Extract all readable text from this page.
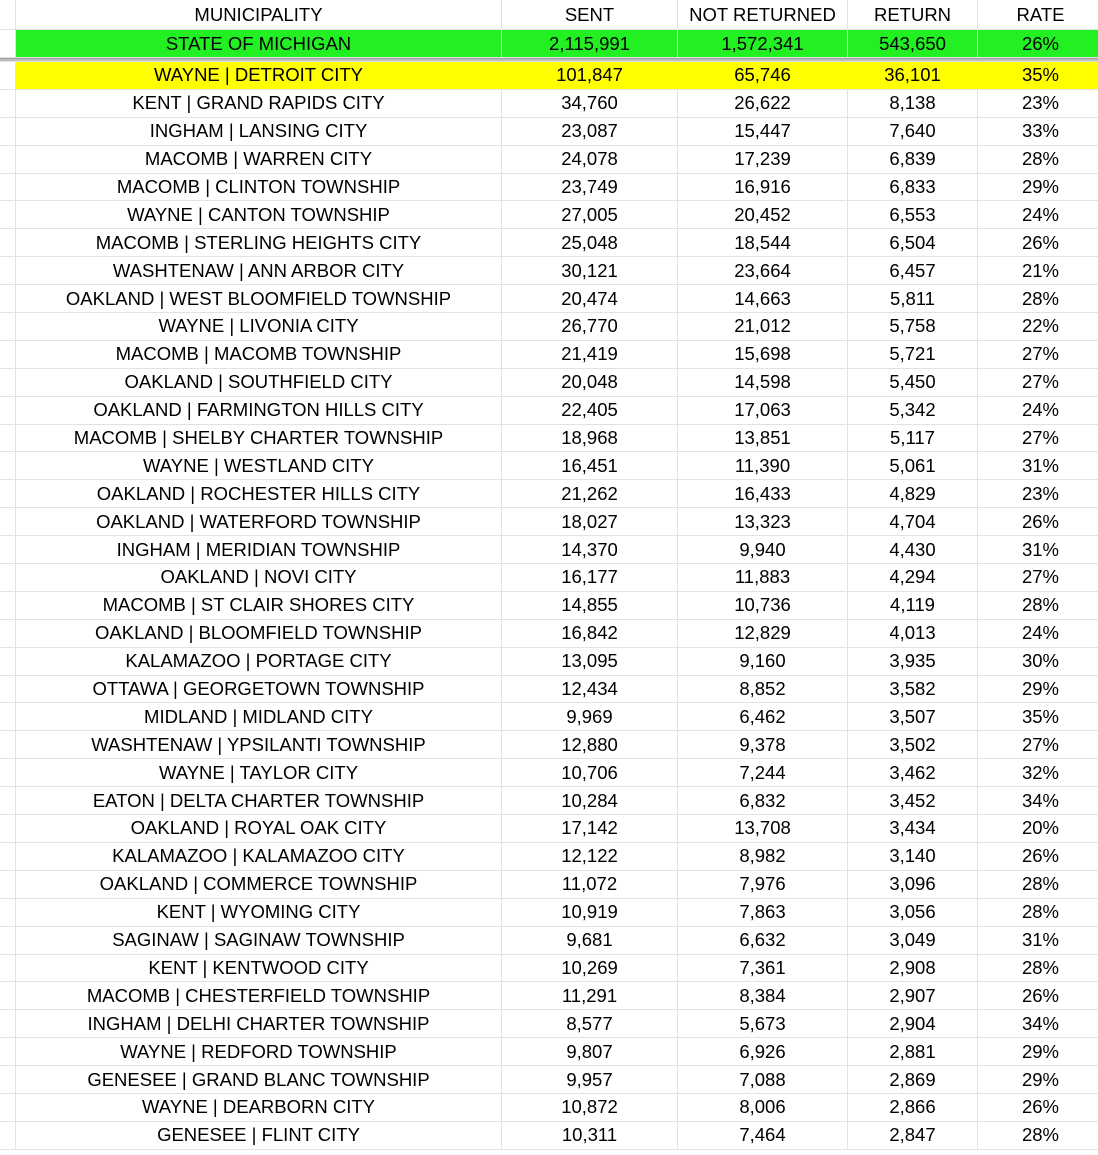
MUNICIPALITY	SENT	NOT RETURNED	RETURN	RATE
STATE OF MICHIGAN	2,115,991	1,572,341	543,650	26%
WAYNE | DETROIT CITY	101,847	65,746	36,101	35%
KENT | GRAND RAPIDS CITY	34,760	26,622	8,138	23%
INGHAM | LANSING CITY	23,087	15,447	7,640	33%
MACOMB | WARREN CITY	24,078	17,239	6,839	28%
MACOMB | CLINTON TOWNSHIP	23,749	16,916	6,833	29%
WAYNE | CANTON TOWNSHIP	27,005	20,452	6,553	24%
MACOMB | STERLING HEIGHTS CITY	25,048	18,544	6,504	26%
WASHTENAW | ANN ARBOR CITY	30,121	23,664	6,457	21%
OAKLAND | WEST BLOOMFIELD TOWNSHIP	20,474	14,663	5,811	28%
WAYNE | LIVONIA CITY	26,770	21,012	5,758	22%
MACOMB | MACOMB TOWNSHIP	21,419	15,698	5,721	27%
OAKLAND | SOUTHFIELD CITY	20,048	14,598	5,450	27%
OAKLAND | FARMINGTON HILLS CITY	22,405	17,063	5,342	24%
MACOMB | SHELBY CHARTER TOWNSHIP	18,968	13,851	5,117	27%
WAYNE | WESTLAND CITY	16,451	11,390	5,061	31%
OAKLAND | ROCHESTER HILLS CITY	21,262	16,433	4,829	23%
OAKLAND | WATERFORD TOWNSHIP	18,027	13,323	4,704	26%
INGHAM | MERIDIAN TOWNSHIP	14,370	9,940	4,430	31%
OAKLAND | NOVI CITY	16,177	11,883	4,294	27%
MACOMB | ST CLAIR SHORES CITY	14,855	10,736	4,119	28%
OAKLAND | BLOOMFIELD TOWNSHIP	16,842	12,829	4,013	24%
KALAMAZOO | PORTAGE CITY	13,095	9,160	3,935	30%
OTTAWA | GEORGETOWN TOWNSHIP	12,434	8,852	3,582	29%
MIDLAND | MIDLAND CITY	9,969	6,462	3,507	35%
WASHTENAW | YPSILANTI TOWNSHIP	12,880	9,378	3,502	27%
WAYNE | TAYLOR CITY	10,706	7,244	3,462	32%
EATON | DELTA CHARTER TOWNSHIP	10,284	6,832	3,452	34%
OAKLAND | ROYAL OAK CITY	17,142	13,708	3,434	20%
KALAMAZOO | KALAMAZOO CITY	12,122	8,982	3,140	26%
OAKLAND | COMMERCE TOWNSHIP	11,072	7,976	3,096	28%
KENT | WYOMING CITY	10,919	7,863	3,056	28%
SAGINAW | SAGINAW TOWNSHIP	9,681	6,632	3,049	31%
KENT | KENTWOOD CITY	10,269	7,361	2,908	28%
MACOMB | CHESTERFIELD TOWNSHIP	11,291	8,384	2,907	26%
INGHAM | DELHI CHARTER TOWNSHIP	8,577	5,673	2,904	34%
WAYNE | REDFORD TOWNSHIP	9,807	6,926	2,881	29%
GENESEE | GRAND BLANC TOWNSHIP	9,957	7,088	2,869	29%
WAYNE | DEARBORN CITY	10,872	8,006	2,866	26%
GENESEE | FLINT CITY	10,311	7,464	2,847	28%
